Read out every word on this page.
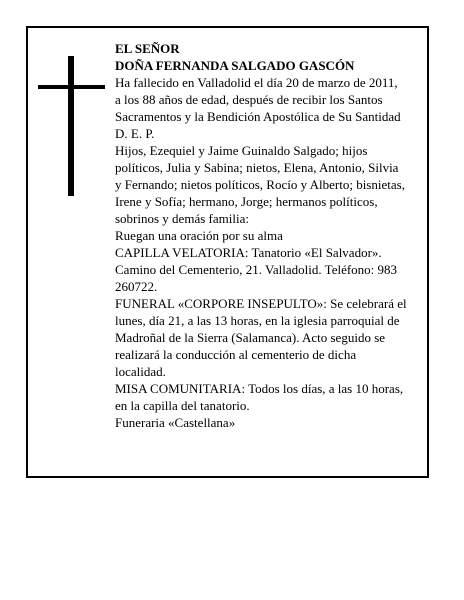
EL SEÑOR
DOÑA FERNANDA SALGADO GASCÓN
Ha fallecido en Valladolid el día 20 de marzo de 2011,
a los 88 años de edad, después de recibir los Santos
Sacramentos y la Bendición Apostólica de Su Santidad
D. E. P.
Hijos, Ezequiel y Jaime Guinaldo Salgado; hijos
políticos, Julia y Sabina; nietos, Elena, Antonio, Silvia
y Fernando; nietos políticos, Rocío y Alberto; bisnietas,
Irene y Sofía; hermano, Jorge; hermanos políticos,
sobrinos y demás familia:
Ruegan una oración por su alma
CAPILLA VELATORIA: Tanatorio «El Salvador».
Camino del Cementerio, 21. Valladolid. Teléfono: 983
260722.
FUNERAL «CORPORE INSEPULTO»: Se celebrará el
lunes, día 21, a las 13 horas, en la iglesia parroquial de
Madroñal de la Sierra (Salamanca). Acto seguido se
realizará la conducción al cementerio de dicha
localidad.
MISA COMUNITARIA: Todos los días, a las 10 horas,
en la capilla del tanatorio.
Funeraria «Castellana»
